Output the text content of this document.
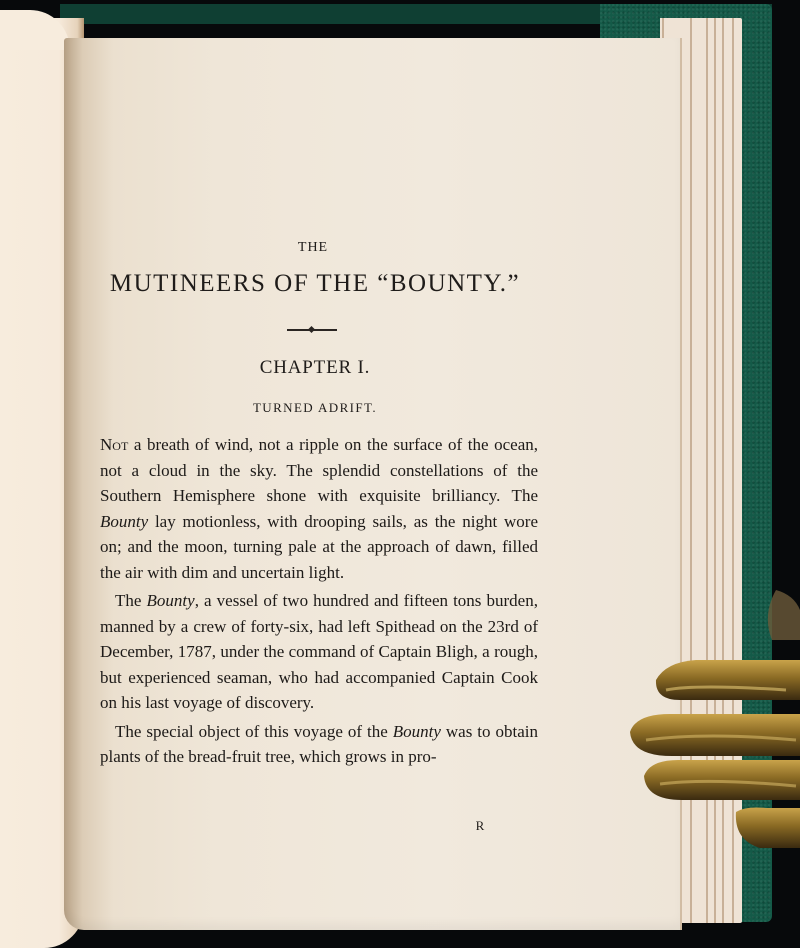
THE
MUTINEERS OF THE “BOUNTY.”
CHAPTER I.
TURNED ADRIFT.

Not a breath of wind, not a ripple on the surface of the ocean, not a cloud in the sky. The splendid constellations of the Southern Hemisphere shone with exquisite brilliancy. The Bounty lay motionless, with drooping sails, as the night wore on; and the moon, turning pale at the approach of dawn, filled the air with dim and uncertain light.

The Bounty, a vessel of two hundred and fifteen tons burden, manned by a crew of forty-six, had left Spithead on the 23rd of December, 1787, under the command of Captain Bligh, a rough, but experienced seaman, who had accompanied Captain Cook on his last voyage of discovery.

The special object of this voyage of the Bounty was to obtain plants of the bread-fruit tree, which grows in pro-

R
